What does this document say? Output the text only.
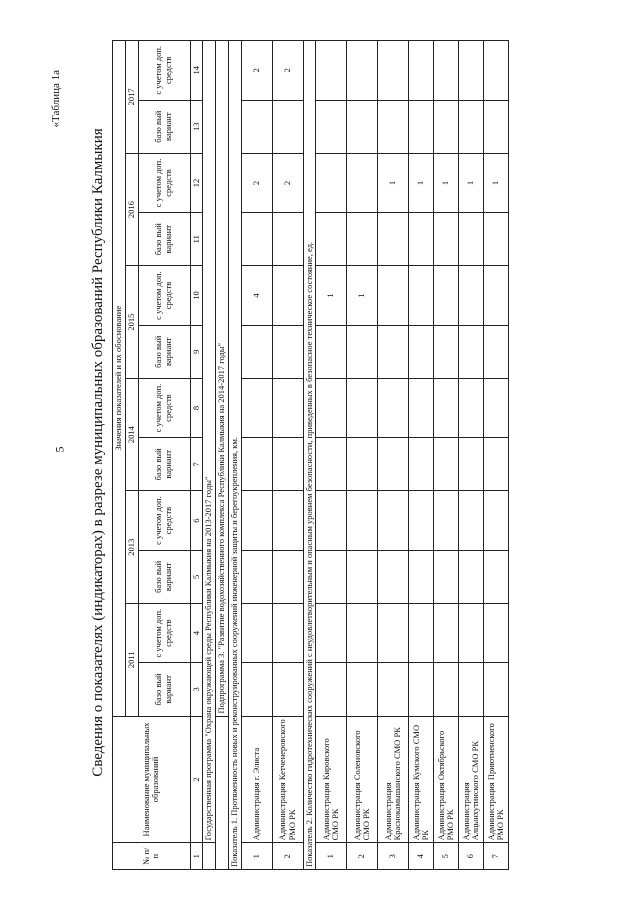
5
«Таблица 1а
Сведения о показателях (индикаторах) в разрезе муниципальных образований Республики Калмыкия
№ п/п	Наименование муниципальных образований	Значения показателей и их обоснование											
		2011		2013		2014		2015		2016		2017	
		базо вый вариант	с учетом доп. средств	базо вый вариант	с учетом доп. средств	базо вый вариант	с учетом доп. средств	базо вый вариант	с учетом доп. средств	базо вый вариант	с учетом доп. средств	базо вый вариант	с учетом доп. средств
1	2	3	4	5	6	7	8	9	10	11	12	13	14
	Государственная программа "Охрана окружающей среды Республики Калмыкия на 2013-2017 годы"												
		Подпрограмма 3. "Развитие водохозяйственного комплекса Республики Калмыкия на 2014-2017 годы"											
Показатель 1. Протяженность новых и реконструированных сооружений инженерной защиты и берегоукрепления, км.													
1	Администрация г. Элиста								4		2		2
2	Администрация Кетченеровского РМО РК										2		2
Показатель 2. Количество гидротехнических сооружений с неудовлетворительным и опасным уровнем безопасности, приведенных в безопасное техническое состояние, ед.													
1	Администрация Кировского СМО РК								1				
2	Администрация Соленовского СМО РК								1				
3	Администрация Краснокамышанского СМО РК										1		
4	Администрация Кумского СМО РК										1		
5	Администрация Октябрьского РМО РК										1		
6	Администрация Алцынхутинского СМО РК										1		
7	Администрация Приютненского РМО РК										1		
